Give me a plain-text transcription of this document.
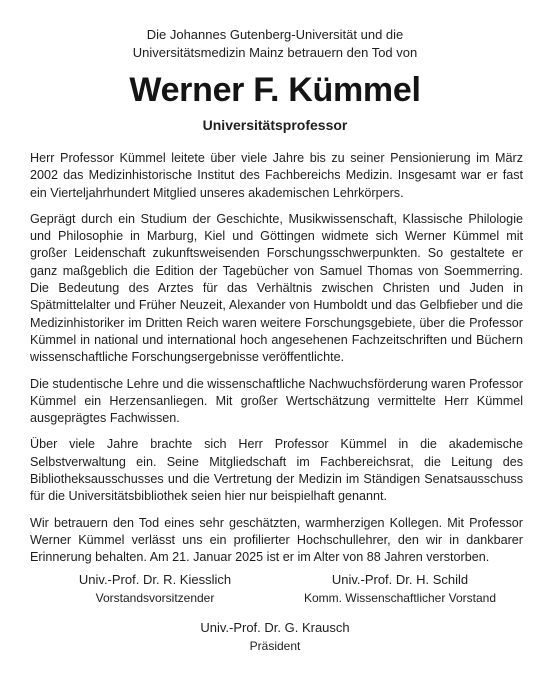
Die Johannes Gutenberg-Universität und die
Universitätsmedizin Mainz betrauern den Tod von
Werner F. Kümmel
Universitätsprofessor

Herr Professor Kümmel leitete über viele Jahre bis zu seiner Pensionierung im März 2002 das Medizinhistorische Institut des Fachbereichs Medizin. Insgesamt war er fast ein Vierteljahrhundert Mitglied unseres akademischen Lehrkörpers.

Geprägt durch ein Studium der Geschichte, Musikwissenschaft, Klassische Philologie und Philosophie in Marburg, Kiel und Göttingen widmete sich Werner Kümmel mit großer Leidenschaft zukunftsweisenden Forschungsschwerpunkten. So gestaltete er ganz maßgeblich die Edition der Tagebücher von Samuel Thomas von Soemmerring. Die Bedeutung des Arztes für das Verhältnis zwischen Christen und Juden in Spätmittelalter und Früher Neuzeit, Alexander von Humboldt und das Gelbfieber und die Medizinhistoriker im Dritten Reich waren weitere Forschungsgebiete, über die Professor Kümmel in national und international hoch angesehenen Fachzeitschriften und Büchern wissenschaftliche Forschungsergebnisse veröffentlichte.

Die studentische Lehre und die wissenschaftliche Nachwuchsförderung waren Professor Kümmel ein Herzensanliegen. Mit großer Wertschätzung vermittelte Herr Kümmel ausgeprägtes Fachwissen.

Über viele Jahre brachte sich Herr Professor Kümmel in die akademische Selbstverwaltung ein. Seine Mitgliedschaft im Fachbereichsrat, die Leitung des Bibliotheksausschusses und die Vertretung der Medizin im Ständigen Senatsausschuss für die Universitätsbibliothek seien hier nur beispielhaft genannt.

Wir betrauern den Tod eines sehr geschätzten, warmherzigen Kollegen. Mit Professor Werner Kümmel verlässt uns ein profilierter Hochschullehrer, den wir in dankbarer Erinnerung behalten. Am 21. Januar 2025 ist er im Alter von 88 Jahren verstorben.

Univ.-Prof. Dr. R. Kiesslich
Vorstandsvorsitzender
Univ.-Prof. Dr. H. Schild
Komm. Wissenschaftlicher Vorstand
Univ.-Prof. Dr. G. Krausch
Präsident
